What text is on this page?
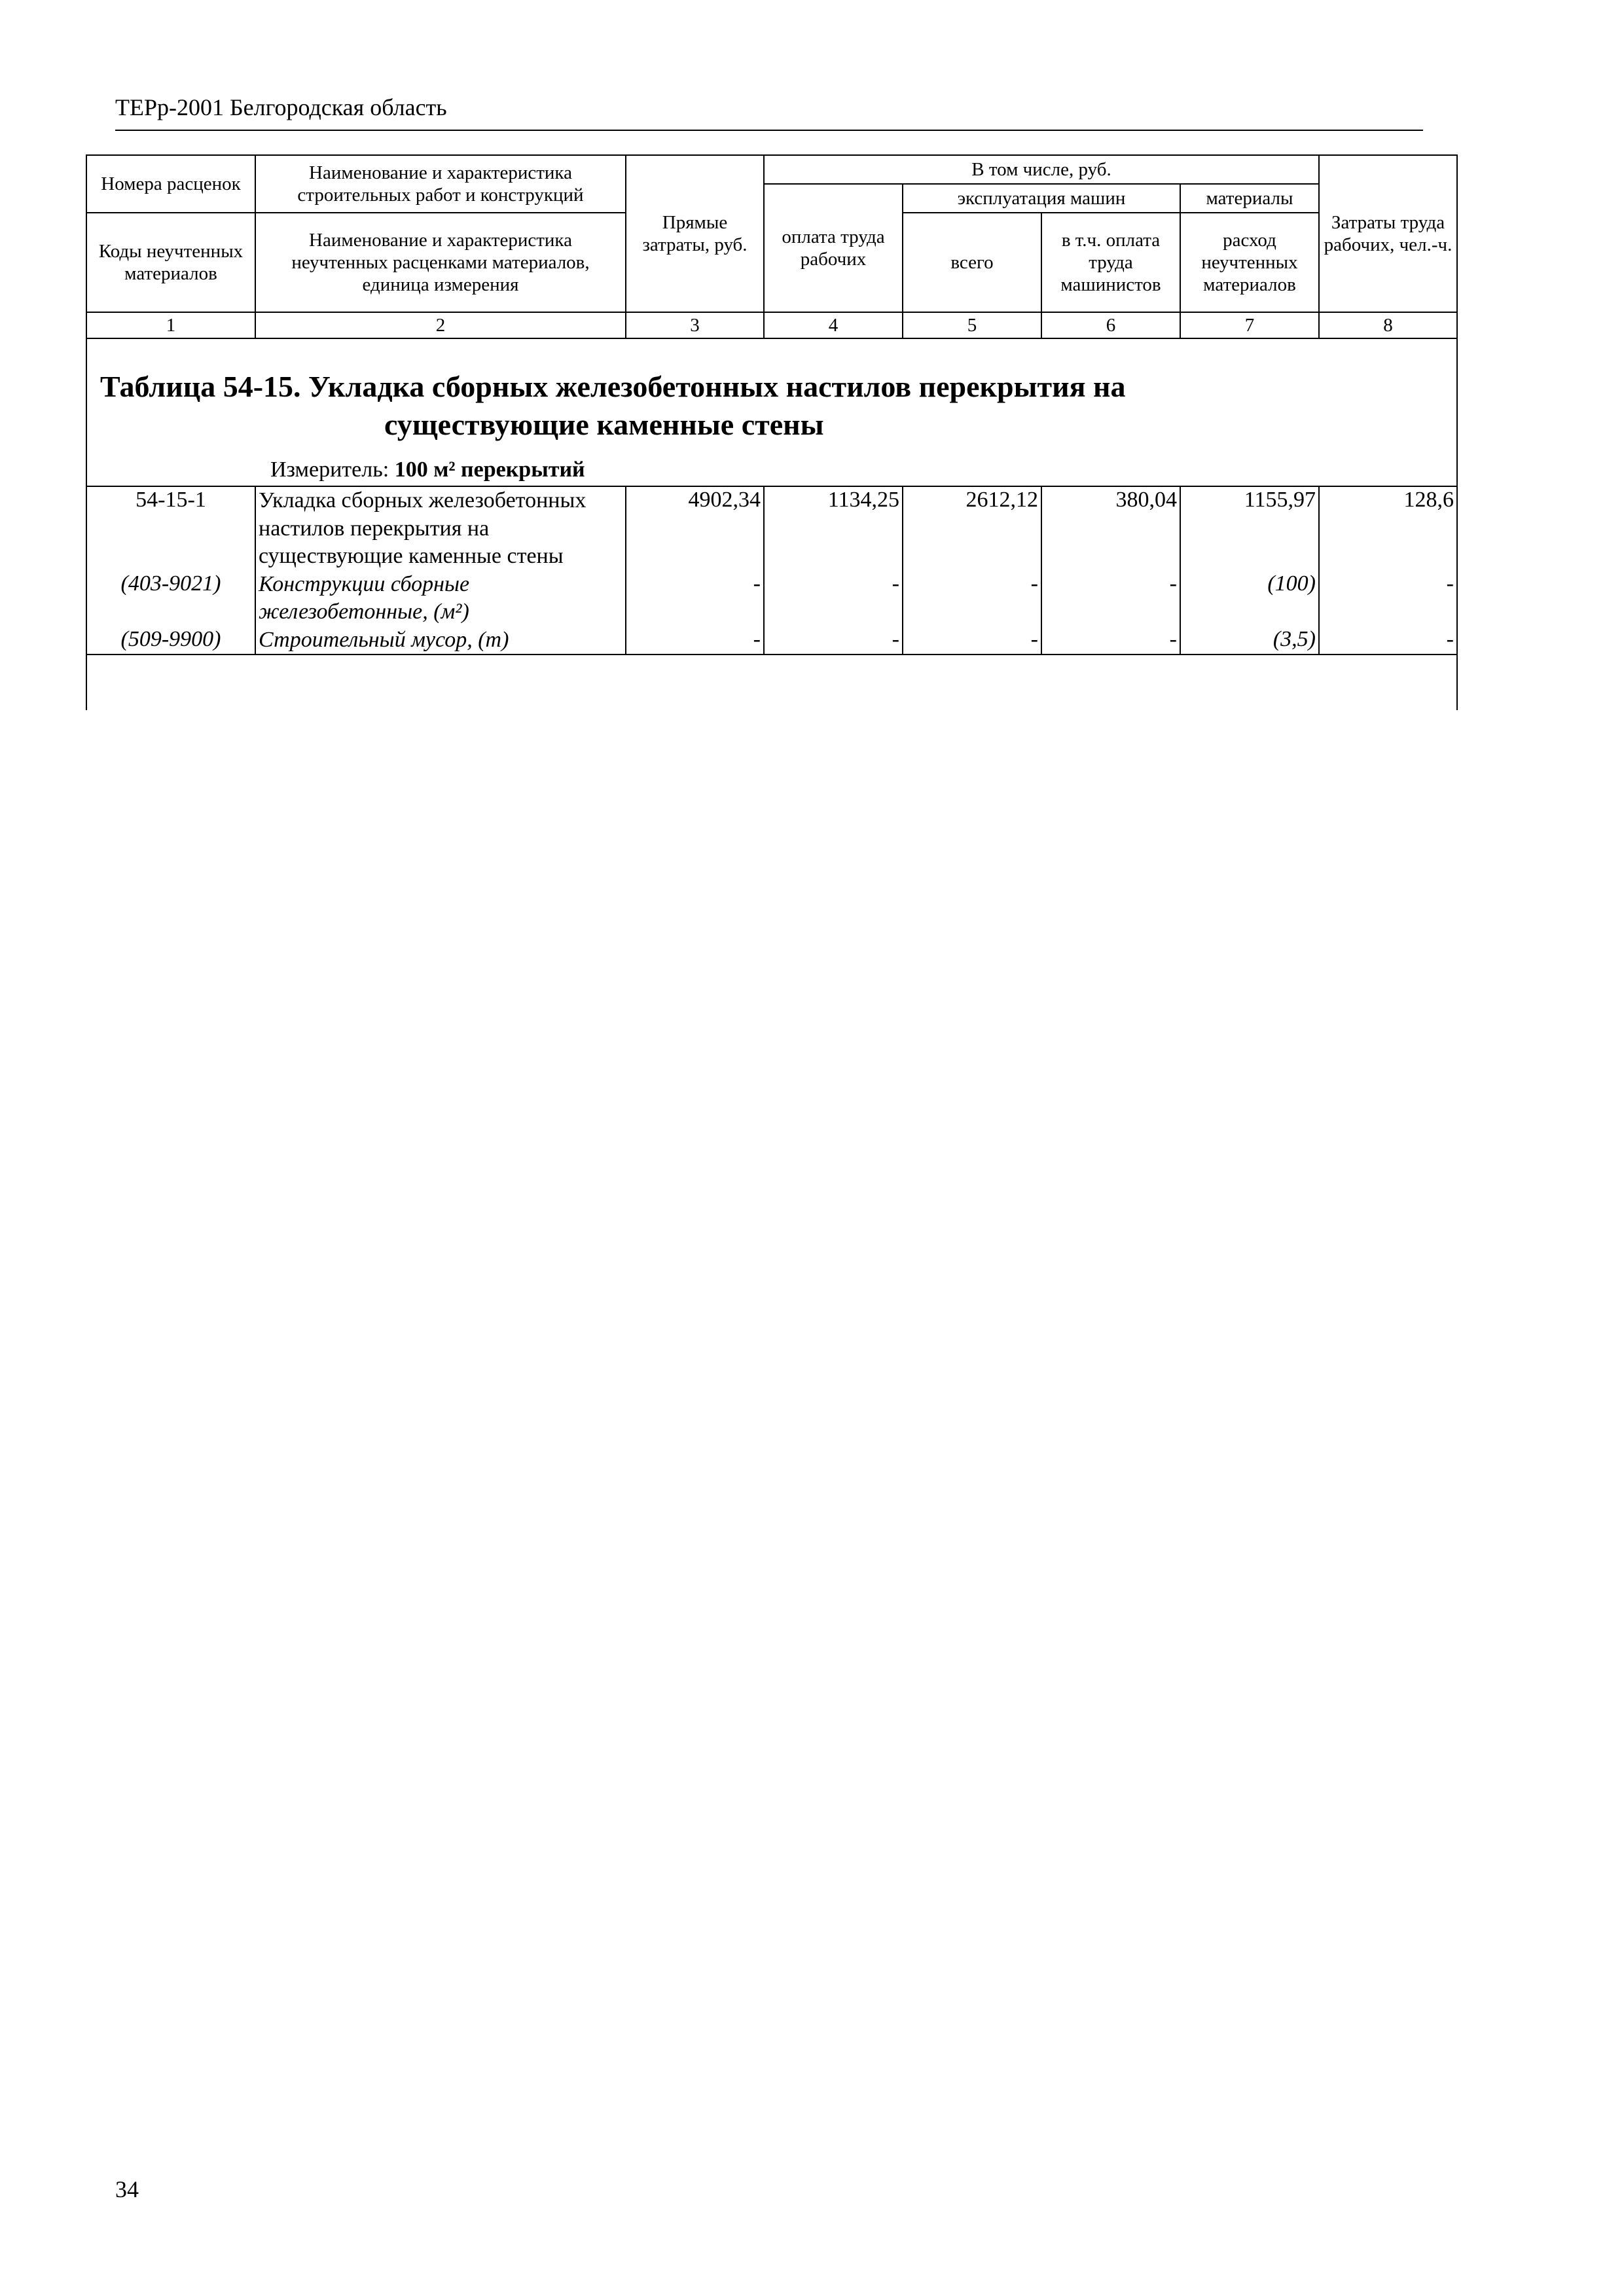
ТЕРр-2001 Белгородская область
Номера расценок	Наименование и характеристика строительных работ и конструкций	Прямые затраты, руб.	В том числе, руб.				Затраты труда рабочих, чел.-ч.
			оплата труда рабочих	эксплуатация машин		материалы	
Коды неучтенных материалов	Наименование и характеристика неучтенных расценками материалов, единица измерения			всего	в т.ч. оплата труда машинистов	расход неучтенных материалов	
1	2	3	4	5	6	7	8

Таблица 54-15. Укладка сборных железобетонных настилов перекрытия на
существующие каменные стены
Измеритель: 100 м² перекрытий							

54-15-1	Укладка сборных железобетонных настилов перекрытия на существующие каменные стены	4902,34	1134,25	2612,12	380,04	1155,97	128,6
(403-9021)	Конструкции сборные железобетонные, (м²)	-	-	-	-	(100)	-
(509-9900)	Строительный мусор, (т)	-	-	-	-	(3,5)	-

34
